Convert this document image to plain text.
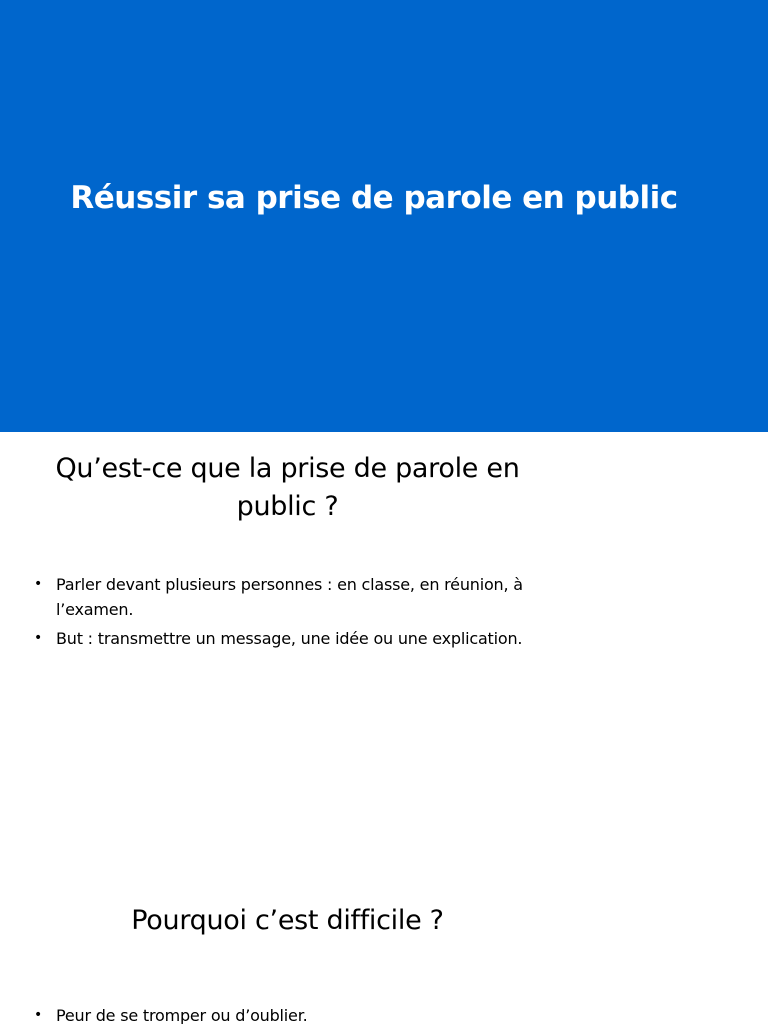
Réussir sa prise de parole en public
Qu’est-ce que la prise de parole en public ?
• Parler devant plusieurs personnes : en classe, en réunion, à l’examen.
• But : transmettre un message, une idée ou une explication.
Pourquoi c’est difficile ?
• Peur de se tromper ou d’oublier.
